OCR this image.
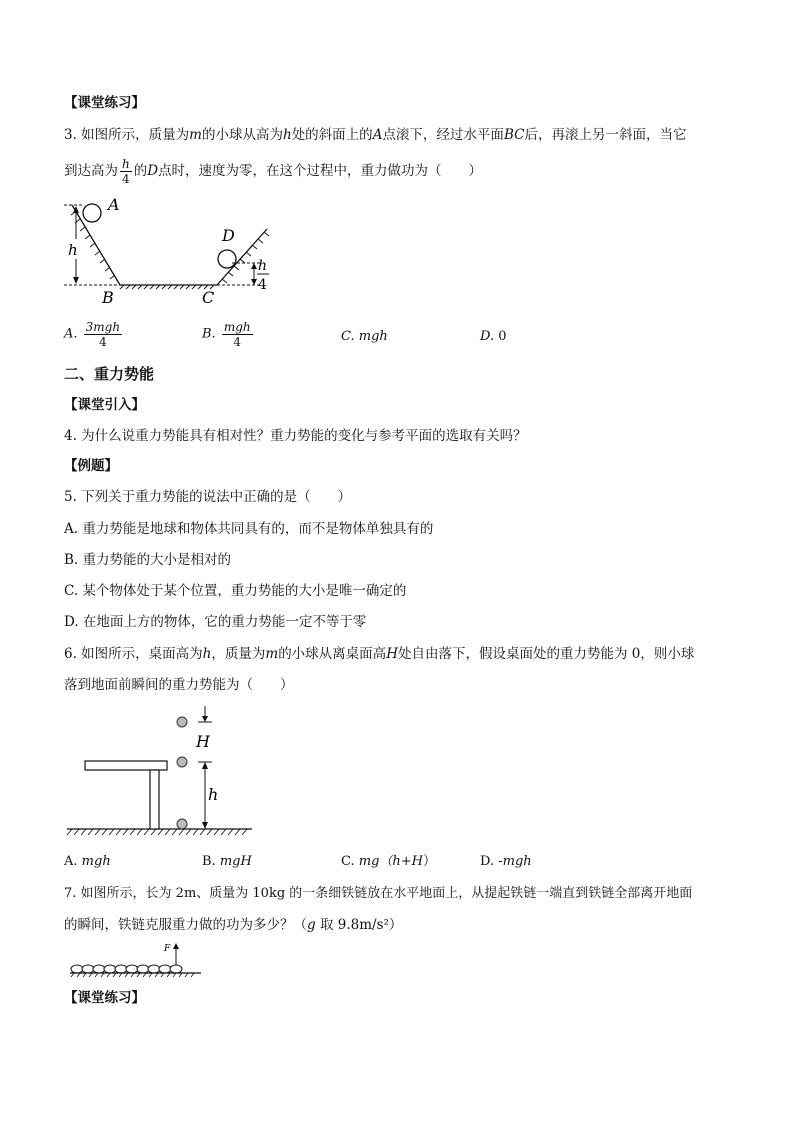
【课堂练习】
3. 如图所示，质量为m的小球从高为h处的斜面上的A点滚下，经过水平面BC后，再滚上另一斜面，当它
到达高为 $\frac{h}{4}$ 的D点时，速度为零，在这个过程中，重力做功为（　　）
h
h
4
A
B	C
D
A. $\frac{\text{3mgh}}{4}$	B. $\frac{\text{mgh}}{4}$	C. mgh	D. 0
二、重力势能
【课堂引入】
4. 为什么说重力势能具有相对性？重力势能的变化与参考平面的选取有关吗？
【例题】
5. 下列关于重力势能的说法中正确的是（　　）
A. 重力势能是地球和物体共同具有的，而不是物体单独具有的
B. 重力势能的大小是相对的
C. 某个物体处于某个位置，重力势能的大小是唯一确定的
D. 在地面上方的物体，它的重力势能一定不等于零
6. 如图所示，桌面高为h，质量为m的小球从离桌面高H处自由落下，假设桌面处的重力势能为 0，则小球
落到地面前瞬间的重力势能为（　　）
H
h
A. mgh	B. mgH	C. mg（h+H）	D. -mgh
7. 如图所示，长为 2m、质量为 10kg 的一条细铁链放在水平地面上，从提起铁链一端直到铁链全部离开地面
的瞬间，铁链克服重力做的功为多少？（g 取 9.8m/s²）
F
【课堂练习】
